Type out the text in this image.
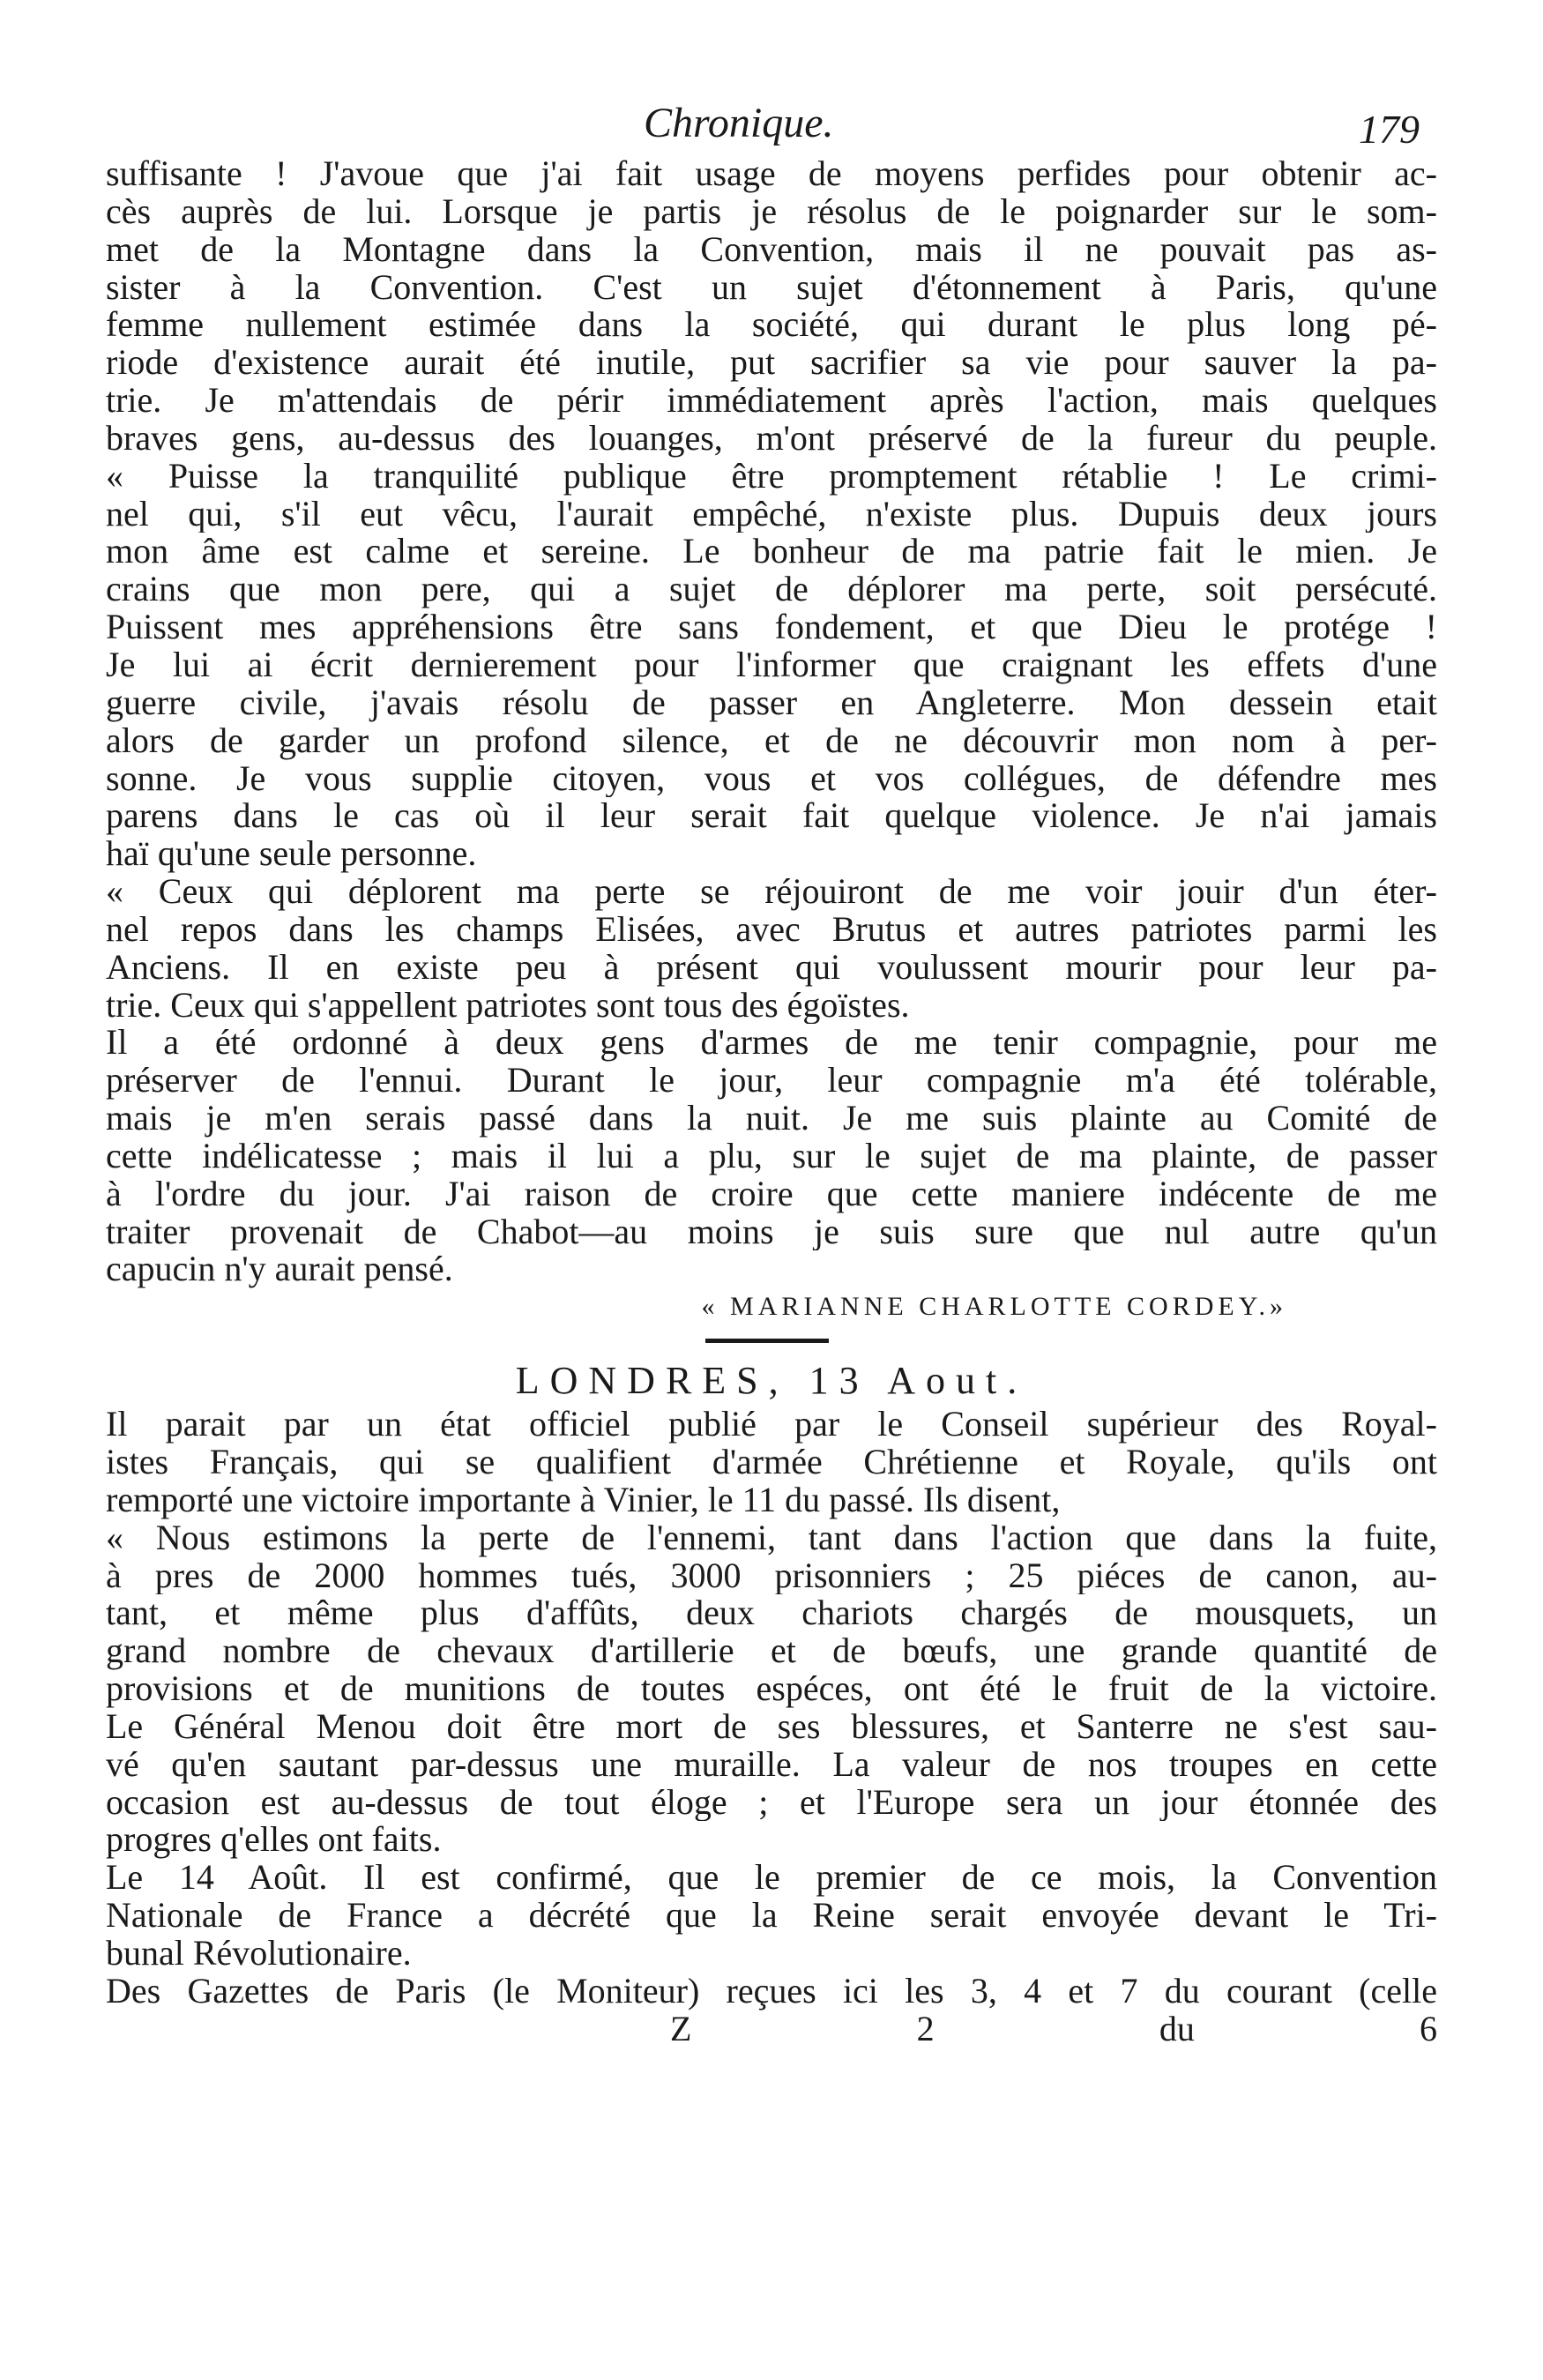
Chronique.	179
suffisante ! J'avoue que j'ai fait usage de moyens perfides pour obtenir ac-
cès auprès de lui. Lorsque je partis je résolus de le poignarder sur le som-
met de la Montagne dans la Convention, mais il ne pouvait pas as-
sister à la Convention. C'est un sujet d'étonnement à Paris, qu'une
femme nullement estimée dans la société, qui durant le plus long pé-
riode d'existence aurait été inutile, put sacrifier sa vie pour sauver la pa-
trie. Je m'attendais de périr immédiatement après l'action, mais quelques
braves gens, au-dessus des louanges, m'ont préservé de la fureur du peuple.
« Puisse la tranquilité publique être promptement rétablie ! Le crimi-
nel qui, s'il eut vêcu, l'aurait empêché, n'existe plus. Dupuis deux jours
mon âme est calme et sereine. Le bonheur de ma patrie fait le mien. Je
crains que mon pere, qui a sujet de déplorer ma perte, soit persécuté.
Puissent mes appréhensions être sans fondement, et que Dieu le protége !
Je lui ai écrit dernierement pour l'informer que craignant les effets d'une
guerre civile, j'avais résolu de passer en Angleterre. Mon dessein etait
alors de garder un profond silence, et de ne découvrir mon nom à per-
sonne. Je vous supplie citoyen, vous et vos collégues, de défendre mes
parens dans le cas où il leur serait fait quelque violence. Je n'ai jamais
haï qu'une seule personne.
« Ceux qui déplorent ma perte se réjouiront de me voir jouir d'un éter-
nel repos dans les champs Elisées, avec Brutus et autres patriotes parmi les
Anciens. Il en existe peu à présent qui voulussent mourir pour leur pa-
trie. Ceux qui s'appellent patriotes sont tous des égoïstes.
Il a été ordonné à deux gens d'armes de me tenir compagnie, pour me
préserver de l'ennui. Durant le jour, leur compagnie m'a été tolérable,
mais je m'en serais passé dans la nuit. Je me suis plainte au Comité de
cette indélicatesse ; mais il lui a plu, sur le sujet de ma plainte, de passer
à l'ordre du jour. J'ai raison de croire que cette maniere indécente de me
traiter provenait de Chabot—au moins je suis sure que nul autre qu'un
capucin n'y aurait pensé.
« MARIANNE CHARLOTTE CORDEY.»
LONDRES, 13 Aout.
Il parait par un état officiel publié par le Conseil supérieur des Royal-
istes Français, qui se qualifient d'armée Chrétienne et Royale, qu'ils ont
remporté une victoire importante à Vinier, le 11 du passé. Ils disent,
« Nous estimons la perte de l'ennemi, tant dans l'action que dans la fuite,
à pres de 2000 hommes tués, 3000 prisonniers ; 25 piéces de canon, au-
tant, et même plus d'affûts, deux chariots chargés de mousquets, un
grand nombre de chevaux d'artillerie et de bœufs, une grande quantité de
provisions et de munitions de toutes espéces, ont été le fruit de la victoire.
Le Général Menou doit être mort de ses blessures, et Santerre ne s'est sau-
vé qu'en sautant par-dessus une muraille. La valeur de nos troupes en cette
occasion est au-dessus de tout éloge ; et l'Europe sera un jour étonnée des
progres q'elles ont faits.
Le 14 Août. Il est confirmé, que le premier de ce mois, la Convention
Nationale de France a décrété que la Reine serait envoyée devant le Tri-
bunal Révolutionaire.
Des Gazettes de Paris (le Moniteur) reçues ici les 3, 4 et 7 du courant (celle
Z 2	du 6
